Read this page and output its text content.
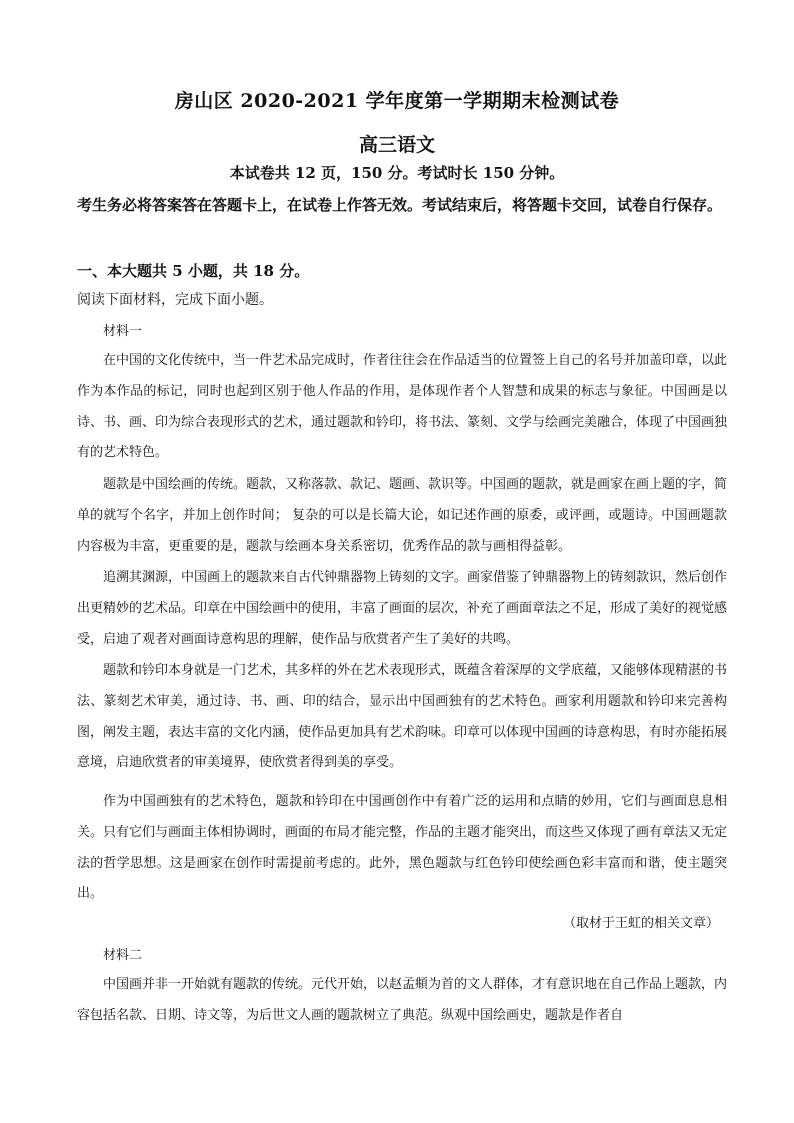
房山区 2020-2021 学年度第一学期期末检测试卷
高三语文
本试卷共 12 页，150 分。考试时长 150 分钟。
考生务必将答案答在答题卡上，在试卷上作答无效。考试结束后，将答题卡交回，试卷自行保存。
一、本大题共 5 小题，共 18 分。
阅读下面材料，完成下面小题。
材料一

在中国的文化传统中，当一件艺术品完成时，作者往往会在作品适当的位置签上自己的名号并加盖印章，以此作为本作品的标记，同时也起到区别于他人作品的作用，是体现作者个人智慧和成果的标志与象征。中国画是以诗、书、画、印为综合表现形式的艺术，通过题款和钤印，将书法、篆刻、文学与绘画完美融合，体现了中国画独有的艺术特色。

题款是中国绘画的传统。题款，又称落款、款记、题画、款识等。中国画的题款，就是画家在画上题的字，简单的就写个名字，并加上创作时间； 复杂的可以是长篇大论，如记述作画的原委，或评画，或题诗。中国画题款内容极为丰富，更重要的是，题款与绘画本身关系密切，优秀作品的款与画相得益彰。

追溯其渊源，中国画上的题款来自古代钟鼎器物上铸刻的文字。画家借鉴了钟鼎器物上的铸刻款识，然后创作出更精妙的艺术品。印章在中国绘画中的使用，丰富了画面的层次，补充了画面章法之不足，形成了美好的视觉感受，启迪了观者对画面诗意构思的理解，使作品与欣赏者产生了美好的共鸣。

题款和钤印本身就是一门艺术，其多样的外在艺术表现形式，既蕴含着深厚的文学底蕴，又能够体现精湛的书法、篆刻艺术审美，通过诗、书、画、印的结合，显示出中国画独有的艺术特色。画家利用题款和钤印来完善构图，阐发主题，表达丰富的文化内涵，使作品更加具有艺术韵味。印章可以体现中国画的诗意构思，有时亦能拓展意境，启迪欣赏者的审美境界，使欣赏者得到美的享受。

作为中国画独有的艺术特色，题款和钤印在中国画创作中有着广泛的运用和点睛的妙用，它们与画面息息相关。只有它们与画面主体相协调时，画面的布局才能完整，作品的主题才能突出，而这些又体现了画有章法又无定法的哲学思想。这是画家在创作时需提前考虑的。此外，黑色题款与红色钤印使绘画色彩丰富而和谐，使主题突出。

（取材于王虹的相关文章）
材料二

中国画并非一开始就有题款的传统。元代开始，以赵孟頫为首的文人群体，才有意识地在自己作品上题款，内容包括名款、日期、诗文等，为后世文人画的题款树立了典范。纵观中国绘画史，题款是作者自
